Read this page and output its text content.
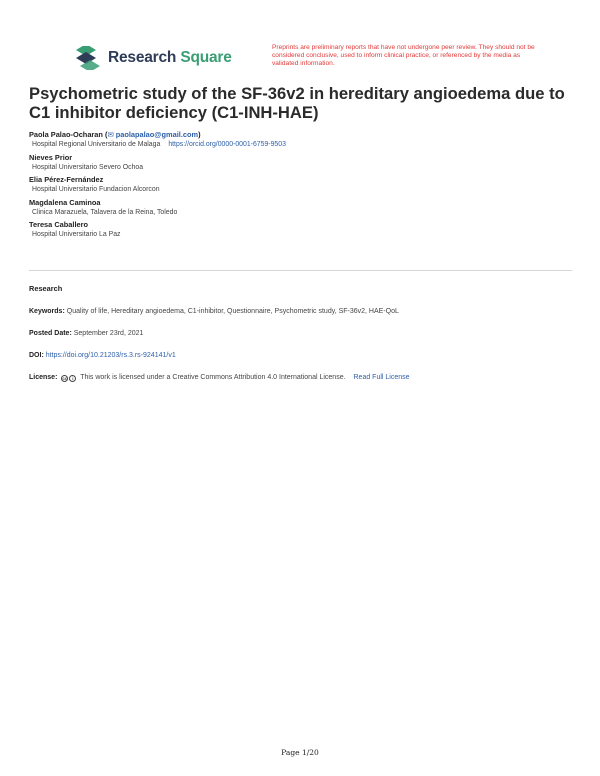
Research Square
Preprints are preliminary reports that have not undergone peer review. They should not be considered conclusive, used to inform clinical practice, or referenced by the media as validated information.
Psychometric study of the SF-36v2 in hereditary angioedema due to C1 inhibitor deficiency (C1-INH-HAE)
Paola Palao-Ocharan (✉ paolapalao@gmail.com)
Hospital Regional Universitario de Malaga https://orcid.org/0000-0001-6759-9503
Nieves Prior
Hospital Universitario Severo Ochoa
Elia Pérez-Fernández
Hospital Universitario Fundacion Alcorcon
Magdalena Caminoa
Clinica Marazuela, Talavera de la Reina, Toledo
Teresa Caballero
Hospital Universitario La Paz
Research
Keywords: Quality of life, Hereditary angioedema, C1-inhibitor, Questionnaire, Psychometric study, SF-36v2, HAE-QoL
Posted Date: September 23rd, 2021
DOI: https://doi.org/10.21203/rs.3.rs-924141/v1
License: cc	i This work is licensed under a Creative Commons Attribution 4.0 International License. Read Full License
Page 1/20
